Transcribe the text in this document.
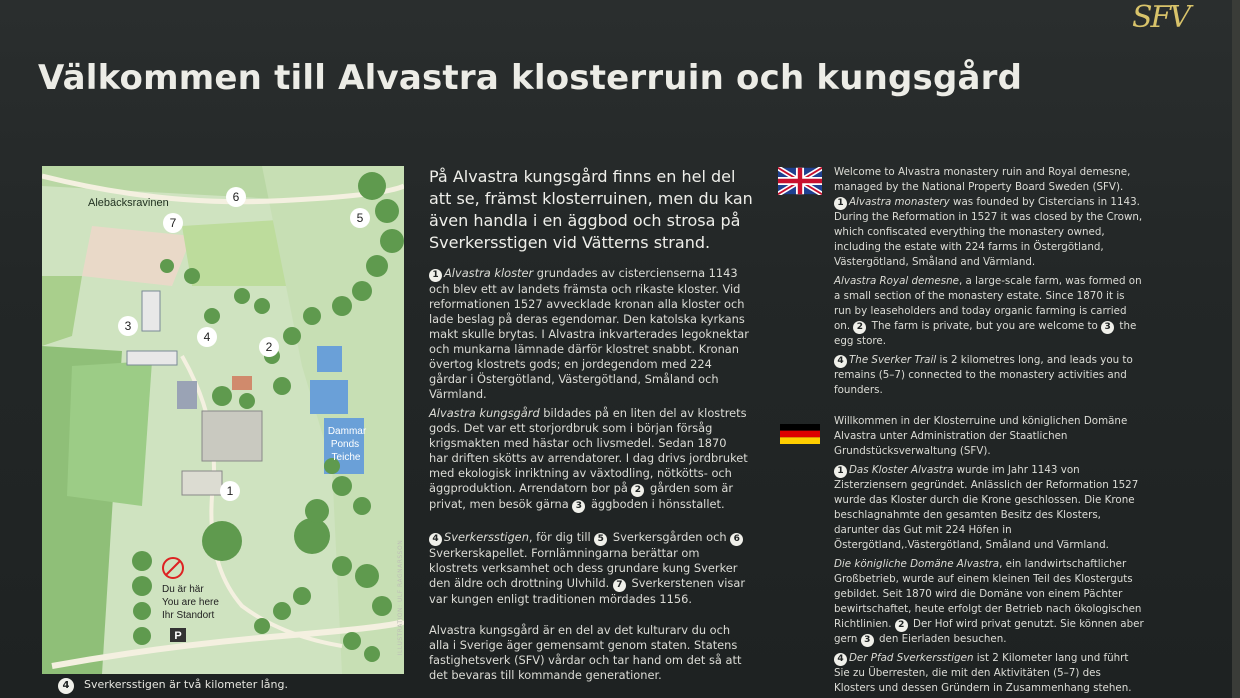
SFV
Välkommen till Alvastra klosterruin och kungsgård
6
7	5
3
4
2
1
Alebäcksravinen
Dammar
Ponds
Teiche
Du är här
You are here
Ihr Standort
P	ILLUSTRATION: ULF RAGNARSSON
På Alvastra kungsgård finns en hel del att se, främst klosterruinen, men du kan även handla i en äggbod och strosa på Sverkersstigen vid Vätterns strand.

1 Alvastra kloster grundades av cistercienserna 1143 och blev ett av landets främsta och rikaste kloster. Vid reformationen 1527 avvecklade kronan alla kloster och lade beslag på deras egendomar. Den katolska kyrkans makt skulle brytas. I Alvastra inkvarterades legoknektar och munkarna lämnade därför klostret snabbt. Kronan övertog klostrets gods; en jordegendom med 224 gårdar i Östergötland, Västergötland, Småland och Värmland.

Alvastra kungsgård bildades på en liten del av klostrets gods. Det var ett storjordbruk som i början försåg krigsmakten med hästar och livsmedel. Sedan 1870 har driften skötts av arrendatorer. I dag drivs jordbruket med ekologisk inriktning av växtodling, nötkötts- och äggproduktion. Arrendatorn bor på 2 gården som är privat, men besök gärna 3 äggboden i hönsstallet.

4 Sverkersstigen, för dig till 5 Sverkersgården och 6 Sverkerskapellet. Fornlämningarna berättar om klostrets verksamhet och dess grundare kung Sverker den äldre och drottning Ulvhild. 7 Sverkerstenen visar var kungen enligt traditionen mördades 1156.

Alvastra kungsgård är en del av det kulturarv du och alla i Sverige äger gemensamt genom staten. Statens fastighetsverk (SFV) vårdar och tar hand om det så att det bevaras till kommande generationer.

Welcome to Alvastra monastery ruin and Royal demesne, managed by the National Property Board Sweden (SFV).

1 Alvastra monastery was founded by Cistercians in 1143. During the Reformation in 1527 it was closed by the Crown, which confiscated everything the monastery owned, including the estate with 224 farms in Östergötland, Västergötland, Småland and Värmland.

Alvastra Royal demesne, a large-scale farm, was formed on a small section of the monastery estate. Since 1870 it is run by leaseholders and today organic farming is carried on. 2 The farm is private, but you are welcome to 3 the egg store.

4 The Sverker Trail is 2 kilometres long, and leads you to remains (5–7) connected to the monastery activities and founders.

Willkommen in der Klosterruine und königlichen Domäne Alvastra unter Administration der Staatlichen Grundstücksverwaltung (SFV).

1 Das Kloster Alvastra wurde im Jahr 1143 von Zisterziensern gegründet. Anlässlich der Reformation 1527 wurde das Kloster durch die Krone geschlossen. Die Krone beschlagnahmte den gesamten Besitz des Klosters, darunter das Gut mit 224 Höfen in Östergötland,.Västergötland, Småland und Värmland.

Die königliche Domäne Alvastra, ein landwirtschaftlicher Großbetrieb, wurde auf einem kleinen Teil des Klosterguts gebildet. Seit 1870 wird die Domäne von einem Pächter bewirtschaftet, heute erfolgt der Betrieb nach ökologischen Richtlinien. 2 Der Hof wird privat genutzt. Sie können aber gern 3 den Eierladen besuchen.

4 Der Pfad Sverkersstigen ist 2 Kilometer lang und führt Sie zu Überresten, die mit den Aktivitäten (5–7) des Klosters und dessen Gründern in Zusammenhang stehen.

4 Sverkersstigen är två kilometer lång.
